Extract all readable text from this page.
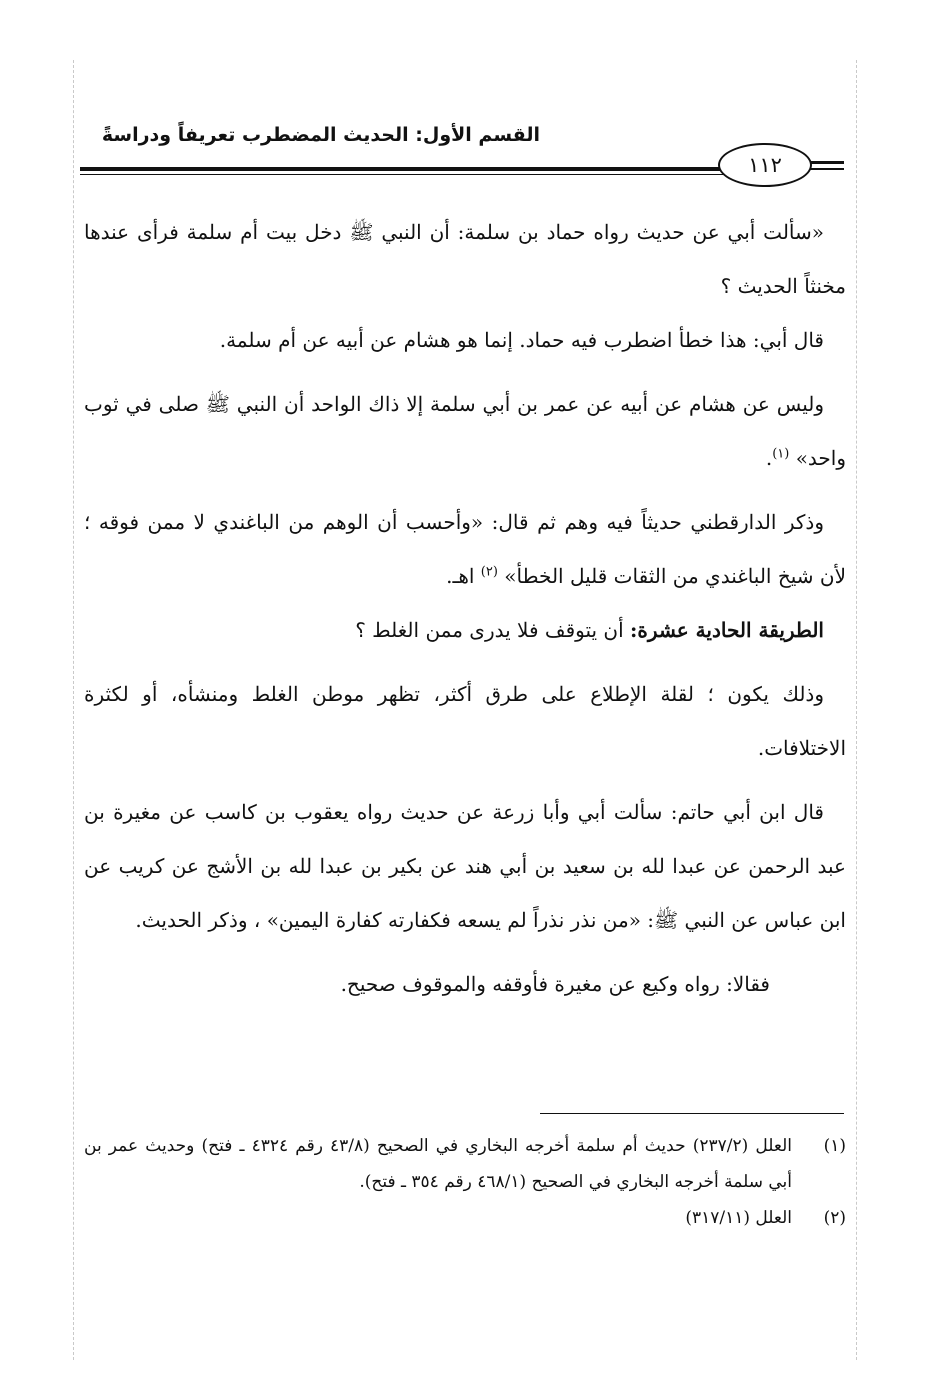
القسم الأول: الحديث المضطرب تعريفاً ودراسةً
١١٢

«سألت أبي عن حديث رواه حماد بن سلمة: أن النبي ﷺ دخل بيت أم سلمة فرأى عندها مخنثاً الحديث ؟

قال أبي: هذا خطأ اضطرب فيه حماد. إنما هو هشام عن أبيه عن أم سلمة.

وليس عن هشام عن أبيه عن عمر بن أبي سلمة إلا ذاك الواحد أن النبي ﷺ صلى في ثوب واحد» $^{(١)}$.

وذكر الدارقطني حديثاً فيه وهم ثم قال: «وأحسب أن الوهم من الباغندي لا ممن فوقه ؛ لأن شيخ الباغندي من الثقات قليل الخطأ» $^{(٢)}$ اهـ.

الطريقة الحادية عشرة: أن يتوقف فلا يدرى ممن الغلط ؟

وذلك يكون ؛ لقلة الإطلاع على طرق أكثر، تظهر موطن الغلط ومنشأه، أو لكثرة الاختلافات.

قال ابن أبي حاتم: سألت أبي وأبا زرعة عن حديث رواه يعقوب بن كاسب عن مغيرة بن عبد الرحمن عن عبدا لله بن سعيد بن أبي هند عن بكير بن عبدا لله بن الأشج عن كريب عن ابن عباس عن النبي ﷺ: «من نذر نذراً لم يسعه فكفارته كفارة اليمين» ، وذكر الحديث.

فقالا: رواه وكيع عن مغيرة فأوقفه والموقوف صحيح.

(١)
العلل (٢٣٧/٢) حديث أم سلمة أخرجه البخاري في الصحيح (٤٣/٨ رقم ٤٣٢٤ ـ فتح) وحديث عمر بن أبي سلمة أخرجه البخاري في الصحيح (٤٦٨/١ رقم ٣٥٤ ـ فتح).
(٢)
العلل (٣١٧/١١)
